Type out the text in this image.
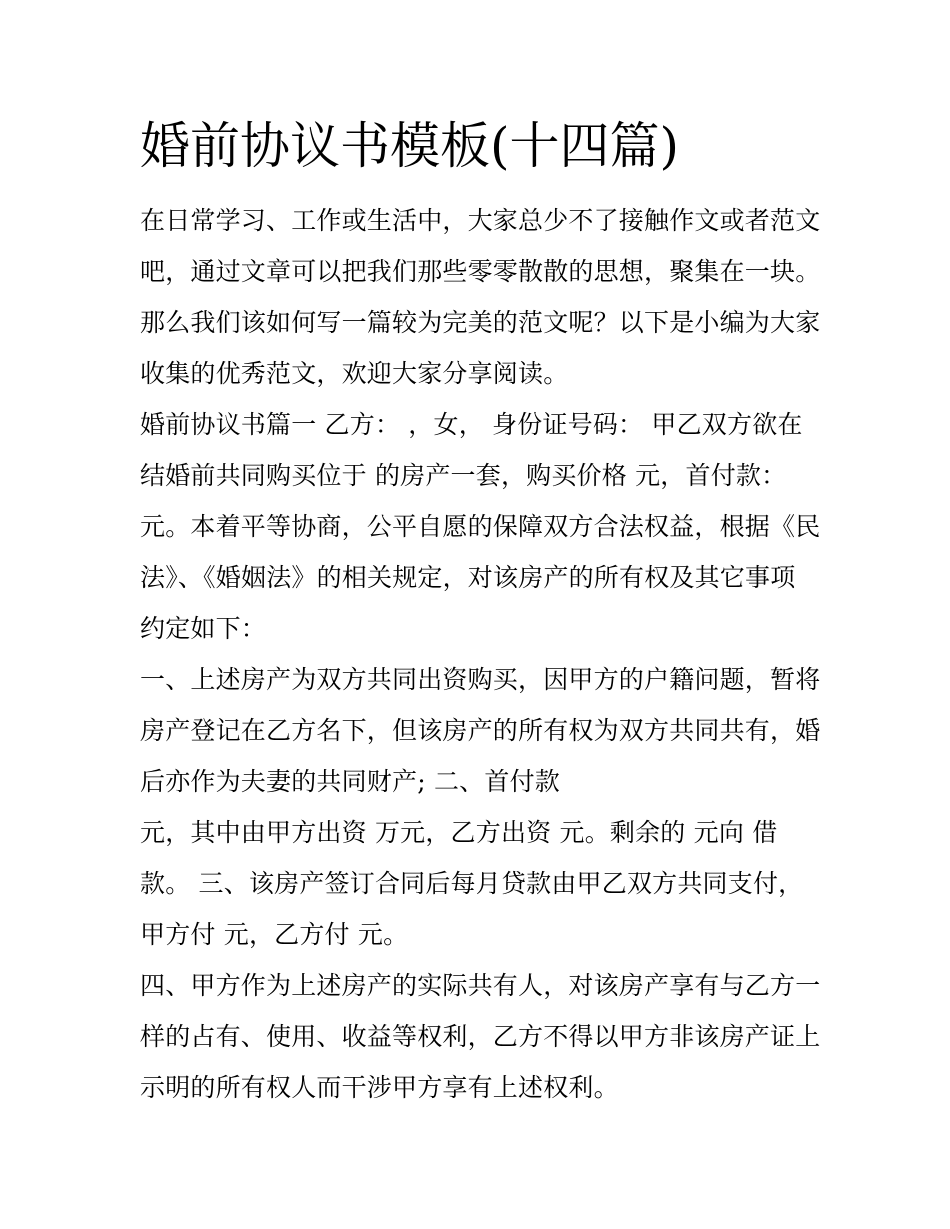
婚前协议书模板(十四篇)
在日常学习、工作或生活中，大家总少不了接触作文或者范文
吧，通过文章可以把我们那些零零散散的思想，聚集在一块。
那么我们该如何写一篇较为完美的范文呢？以下是小编为大家
收集的优秀范文，欢迎大家分享阅读。
婚前协议书篇一 乙方： ，女， 身份证号码： 甲乙双方欲在
结婚前共同购买位于 的房产一套，购买价格 元，首付款：
元。本着平等协商，公平自愿的保障双方合法权益，根据《民
法》、《婚姻法》的相关规定，对该房产的所有权及其它事项
约定如下：
一、上述房产为双方共同出资购买，因甲方的户籍问题，暂将
房产登记在乙方名下，但该房产的所有权为双方共同共有，婚
后亦作为夫妻的共同财产; 二、首付款
元，其中由甲方出资 万元，乙方出资 元。剩余的 元向 借
款。 三、该房产签订合同后每月贷款由甲乙双方共同支付，
甲方付 元，乙方付 元。
四、甲方作为上述房产的实际共有人，对该房产享有与乙方一
样的占有、使用、收益等权利，乙方不得以甲方非该房产证上
示明的所有权人而干涉甲方享有上述权利。
